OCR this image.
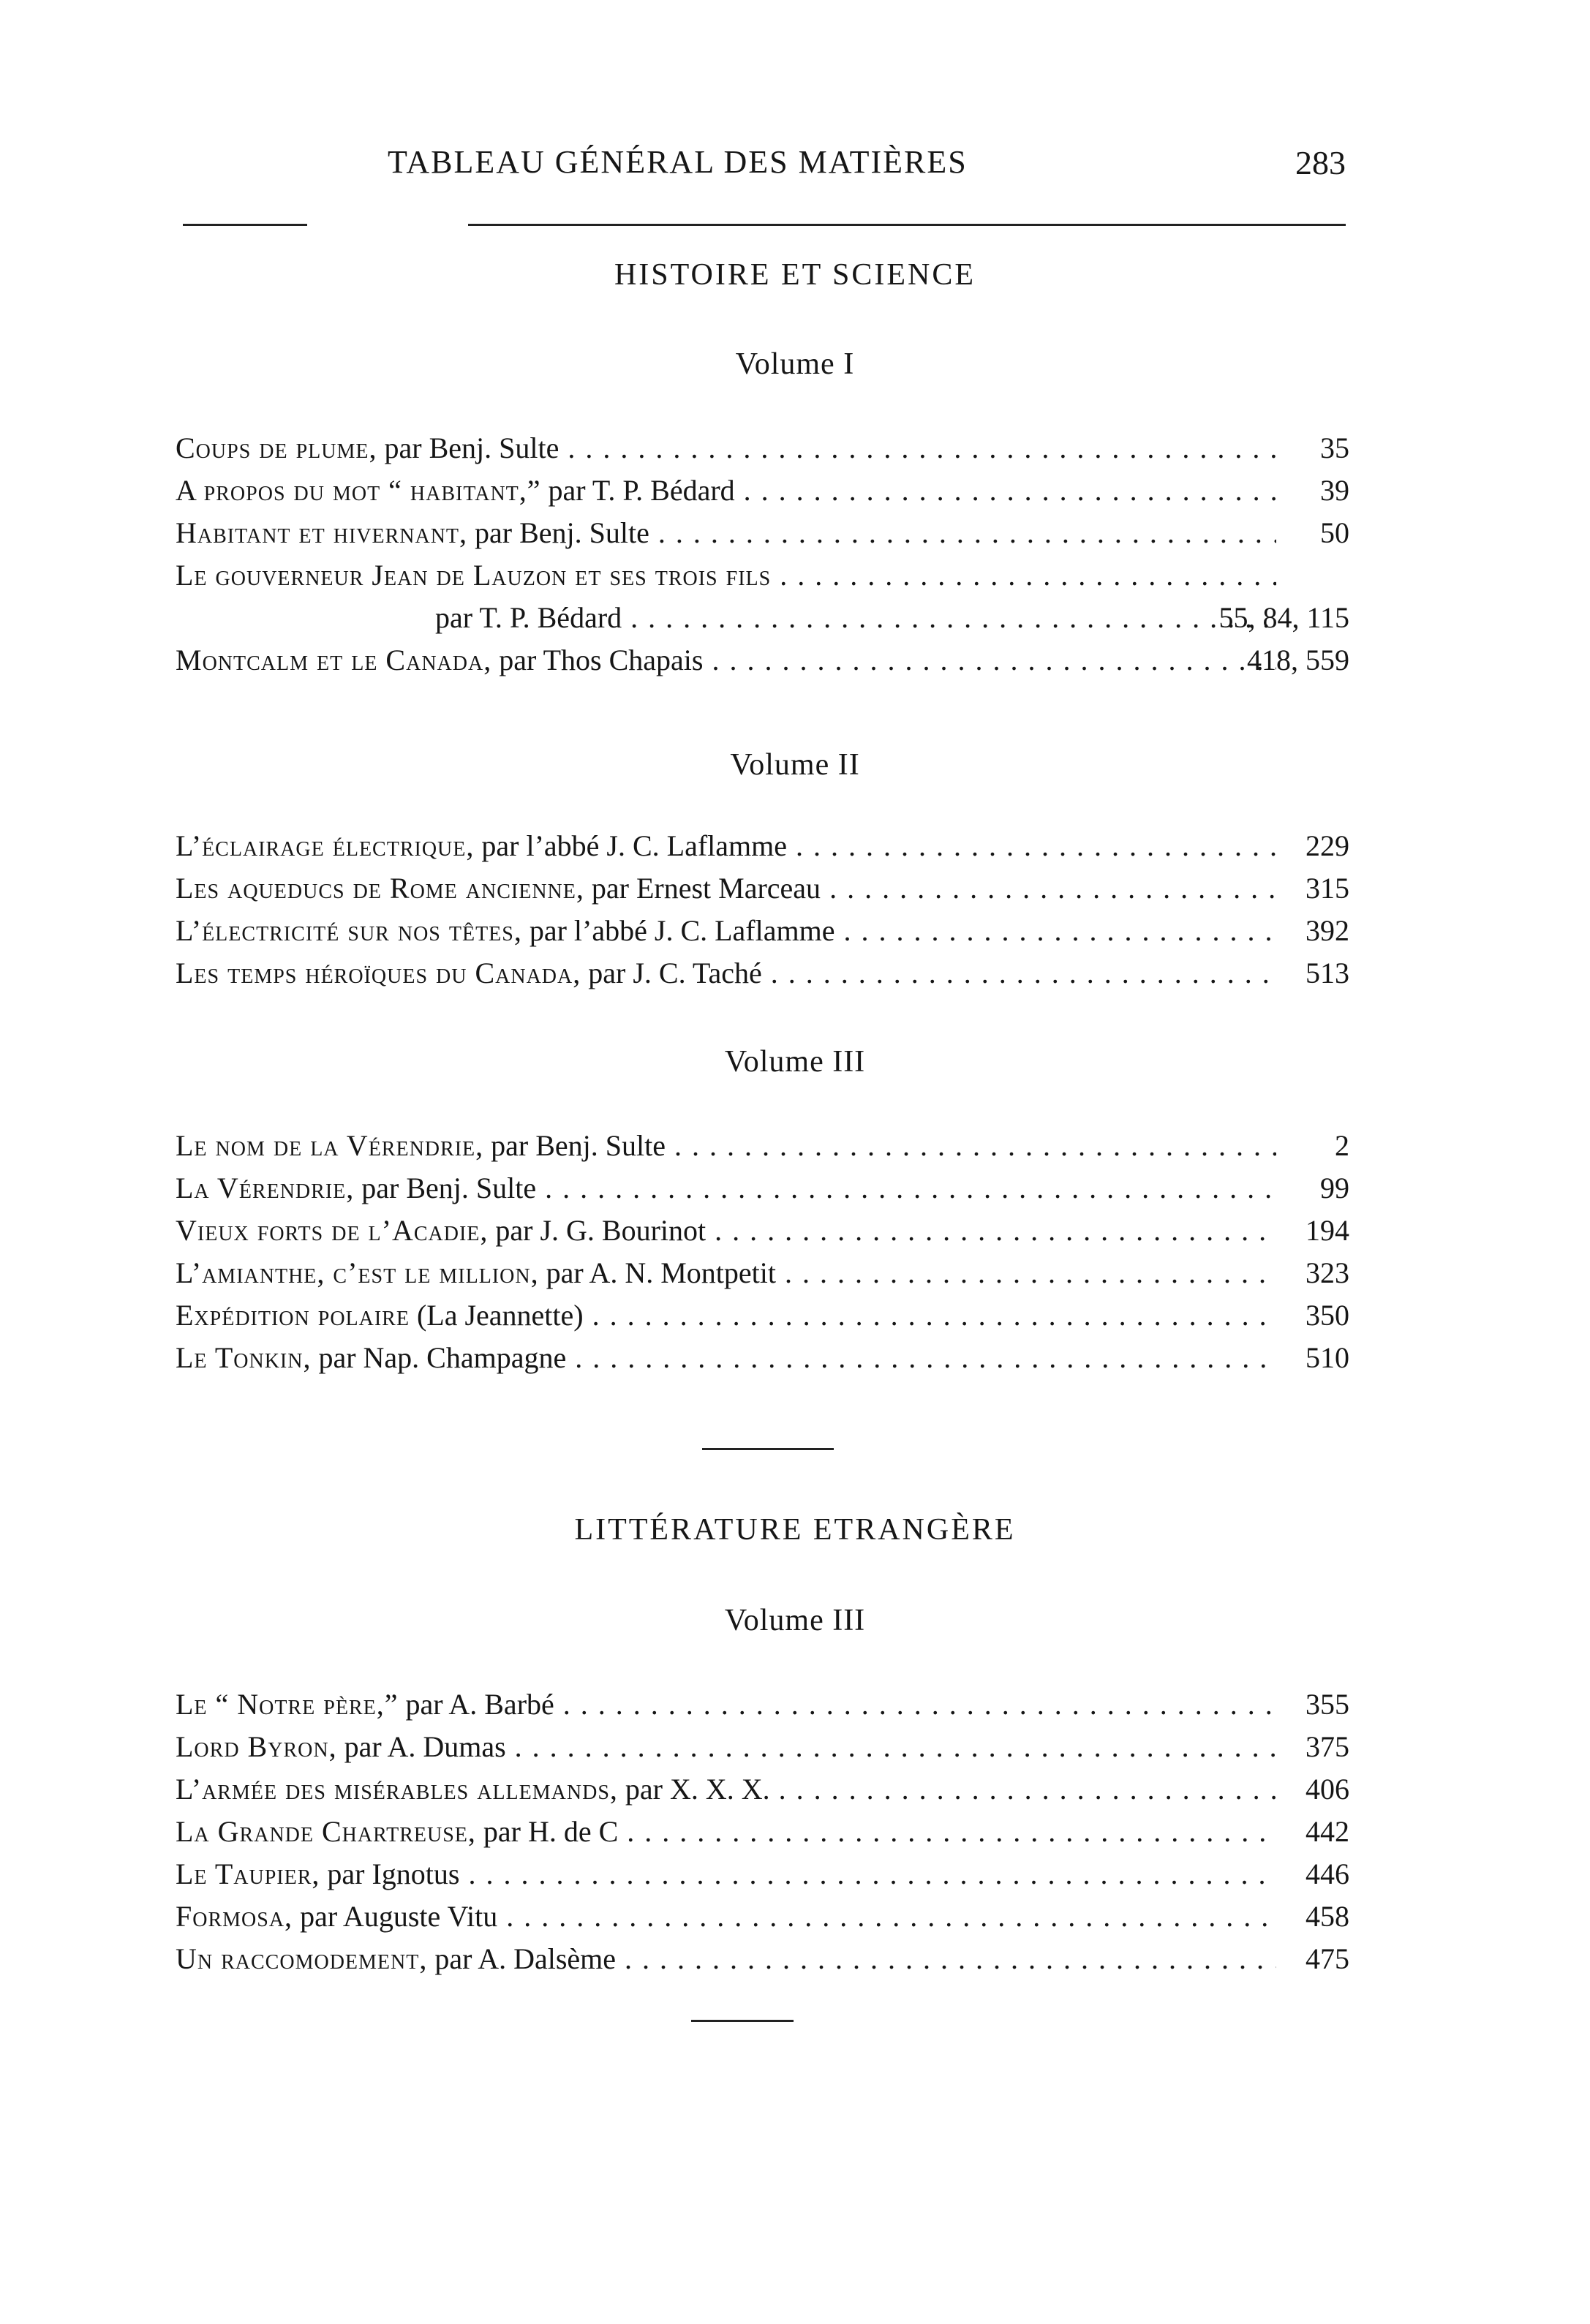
TABLEAU GÉNÉRAL DES MATIÈRES	283
HISTOIRE ET SCIENCE
Volume I
Coups de plume, par Benj. Sulte . . .	35
A propos du mot “ habitant,” par T. P. Bédard . . .	39
Habitant et hivernant, par Benj. Sulte . . .	50
Le gouverneur Jean de Lauzon et ses trois fils . . .
par T. P. Bédard . . .	55, 84, 115
Montcalm et le Canada, par Thos Chapais . . .	418, 559
Volume II
L’éclairage électrique, par l’abbé J. C. Laflamme . . .	229
Les aqueducs de Rome ancienne, par Ernest Marceau . . .	315
L’électricité sur nos têtes, par l’abbé J. C. Laflamme . . .	392
Les temps héroïques du Canada, par J. C. Taché . . .	513
Volume III
Le nom de la Vérendrie, par Benj. Sulte . . .	2
La Vérendrie, par Benj. Sulte . . .	99
Vieux forts de l’Acadie, par J. G. Bourinot . . .	194
L’amianthe, c’est le million, par A. N. Montpetit . . .	323
Expédition polaire (La Jeannette) . . .	350
Le Tonkin, par Nap. Champagne . . .	510
LITTÉRATURE ETRANGÈRE
Volume III
Le “ Notre père,” par A. Barbé . . .	355
Lord Byron, par A. Dumas . . .	375
L’armée des misérables allemands, par X. X. X. . . .	406
La Grande Chartreuse, par H. de C . . .	442
Le Taupier, par Ignotus . . .	446
Formosa, par Auguste Vitu . . .	458
Un raccomodement, par A. Dalsème . . .	475
